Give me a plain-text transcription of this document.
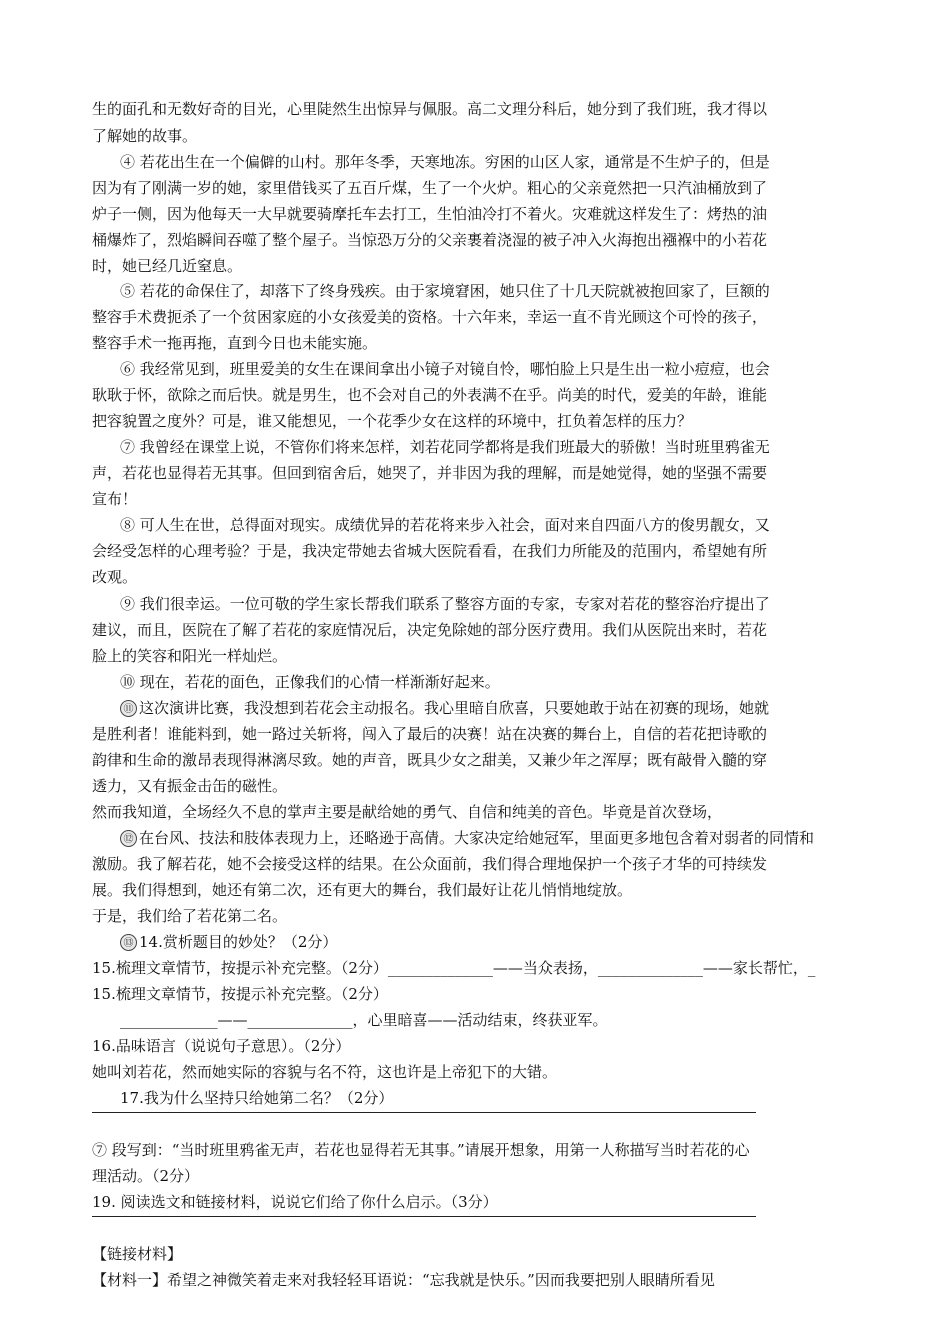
生的面孔和无数好奇的目光，心里陡然生出惊异与佩服。高二文理分科后，她分到了我们班，我才得以
了解她的故事。
④ 若花出生在一个偏僻的山村。那年冬季，天寒地冻。穷困的山区人家，通常是不生炉子的，但是
因为有了刚满一岁的她，家里借钱买了五百斤煤，生了一个火炉。粗心的父亲竟然把一只汽油桶放到了
炉子一侧，因为他每天一大早就要骑摩托车去打工，生怕油冷打不着火。灾难就这样发生了：烤热的油
桶爆炸了，烈焰瞬间吞噬了整个屋子。当惊恐万分的父亲裹着浇湿的被子冲入火海抱出襁褓中的小若花
时，她已经几近窒息。
⑤ 若花的命保住了，却落下了终身残疾。由于家境窘困，她只住了十几天院就被抱回家了，巨额的
整容手术费扼杀了一个贫困家庭的小女孩爱美的资格。十六年来，幸运一直不肯光顾这个可怜的孩子，
整容手术一拖再拖，直到今日也未能实施。
⑥ 我经常见到，班里爱美的女生在课间拿出小镜子对镜自怜，哪怕脸上只是生出一粒小痘痘，也会
耿耿于怀，欲除之而后快。就是男生，也不会对自己的外表满不在乎。尚美的时代，爱美的年龄，谁能
把容貌置之度外？可是，谁又能想见，一个花季少女在这样的环境中，扛负着怎样的压力？
⑦ 我曾经在课堂上说，不管你们将来怎样，刘若花同学都将是我们班最大的骄傲！当时班里鸦雀无
声，若花也显得若无其事。但回到宿舍后，她哭了，并非因为我的理解，而是她觉得，她的坚强不需要
宣布！
⑧ 可人生在世，总得面对现实。成绩优异的若花将来步入社会，面对来自四面八方的俊男靓女，又
会经受怎样的心理考验？于是，我决定带她去省城大医院看看，在我们力所能及的范围内，希望她有所
改观。
⑨ 我们很幸运。一位可敬的学生家长帮我们联系了整容方面的专家，专家对若花的整容治疗提出了
建议，而且，医院在了解了若花的家庭情况后，决定免除她的部分医疗费用。我们从医院出来时，若花
脸上的笑容和阳光一样灿烂。
⑩ 现在，若花的面色，正像我们的心情一样渐渐好起来。
⑪ 这次演讲比赛，我没想到若花会主动报名。我心里暗自欣喜，只要她敢于站在初赛的现场，她就
是胜利者！谁能料到，她一路过关斩将，闯入了最后的决赛！站在决赛的舞台上，自信的若花把诗歌的
韵律和生命的激昂表现得淋漓尽致。她的声音，既具少女之甜美，又兼少年之浑厚；既有敲骨入髓的穿
透力，又有振金击缶的磁性。
然而我知道，全场经久不息的掌声主要是献给她的勇气、自信和纯美的音色。毕竟是首次登场，
⑫ 在台风、技法和肢体表现力上，还略逊于高倩。大家决定给她冠军，里面更多地包含着对弱者的同情和
激励。我了解若花，她不会接受这样的结果。在公众面前，我们得合理地保护一个孩子才华的可持续发
展。我们得想到，她还有第二次，还有更大的舞台，我们最好让花儿悄悄地绽放。
于是，我们给了若花第二名。
⑬ 14.赏析题目的妙处？（2分）
15.梳理文章情节，按提示补充完整。（2分）______________——当众表扬，______________——家长帮忙，_
15.梳理文章情节，按提示补充完整。（2分）
_____________——______________，心里暗喜——活动结束，终获亚军。
16.品味语言（说说句子意思）。（2分）
她叫刘若花，然而她实际的容貌与名不符，这也许是上帝犯下的大错。
17.我为什么坚持只给她第二名？（2分）
⑦ 段写到：“当时班里鸦雀无声，若花也显得若无其事。”请展开想象，用第一人称描写当时若花的心
理活动。（2分）
19. 阅读选文和链接材料，说说它们给了你什么启示。（3分）
【链接材料】
【材料一】希望之神微笑着走来对我轻轻耳语说：“忘我就是快乐。”因而我要把别人眼睛所看见
